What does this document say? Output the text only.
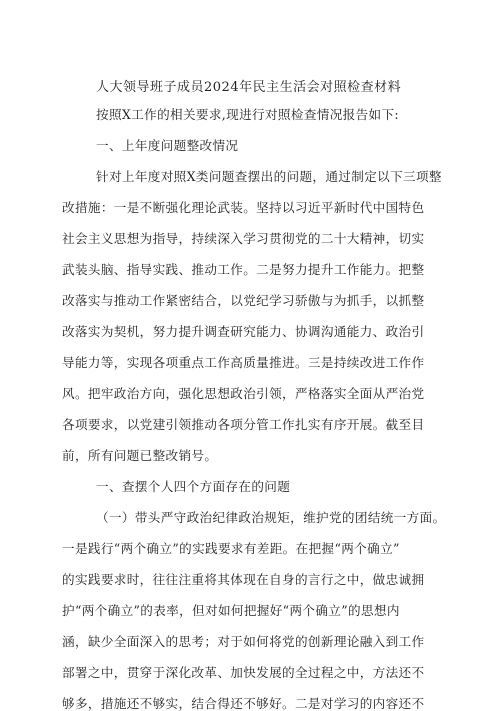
人大领导班子成员2024年民主生活会对照检查材料
按照X工作的相关要求,现进行对照检查情况报告如下:
一、上年度问题整改情况
针对上年度对照X类问题查摆出的问题，通过制定以下三项整
改措施：一是不断强化理论武装。坚持以习近平新时代中国特色
社会主义思想为指导，持续深入学习贯彻党的二十大精神，切实
武装头脑、指导实践、推动工作。二是努力提升工作能力。把整
改落实与推动工作紧密结合，以党纪学习骄傲与为抓手，以抓整
改落实为契机，努力提升调查研究能力、协调沟通能力、政治引
导能力等，实现各项重点工作高质量推进。三是持续改进工作作
风。把牢政治方向，强化思想政治引领，严格落实全面从严治党
各项要求，以党建引领推动各项分管工作扎实有序开展。截至目
前，所有问题已整改销号。
一、查摆个人四个方面存在的问题
（一）带头严守政治纪律政治规矩，维护党的团结统一方面。
一是践行“两个确立”的实践要求有差距。在把握“两个确立”
的实践要求时，往往注重将其体现在自身的言行之中，做忠诚拥
护“两个确立”的表率，但对如何把握好“两个确立”的思想内
涵，缺少全面深入的思考；对于如何将党的创新理论融入到工作
部署之中，贯穿于深化改革、加快发展的全过程之中，方法还不
够多，措施还不够实，结合得还不够好。二是对学习的内容还不
